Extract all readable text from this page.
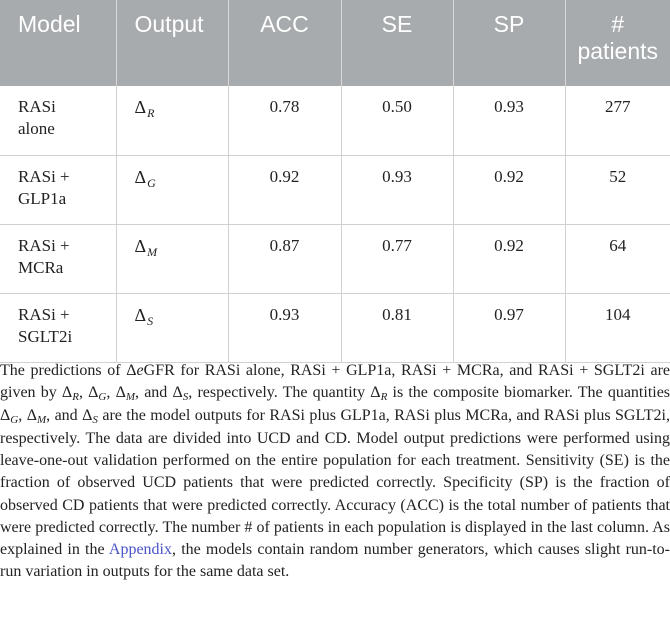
Model	Output	ACC	SE	SP	#
patients
RASi
alone	$\Delta_R$	0.78	0.50	0.93	277
RASi +
GLP1a	$\Delta_G$	0.92	0.93	0.92	52
RASi +
MCRa	$\Delta_M$	0.87	0.77	0.92	64
RASi +
SGLT2i	$\Delta_S$	0.93	0.81	0.97	104

The predictions of ΔeGFR for RASi alone, RASi + GLP1a, RASi + MCRa, and RASi + SGLT2i are given by ΔR, ΔG, ΔM, and ΔS, respectively. The quantity ΔR is the composite biomarker. The quantities ΔG, ΔM, and ΔS are the model outputs for RASi plus GLP1a, RASi plus MCRa, and RASi plus SGLT2i, respectively. The data are divided into UCD and CD. Model output predictions were performed using leave-one-out validation performed on the entire population for each treatment. Sensitivity (SE) is the fraction of observed UCD patients that were predicted correctly. Specificity (SP) is the fraction of observed CD patients that were predicted correctly. Accuracy (ACC) is the total number of patients that were predicted correctly. The number # of patients in each population is displayed in the last column. As explained in the Appendix, the models contain random number generators, which causes slight run-to-run variation in outputs for the same data set.
